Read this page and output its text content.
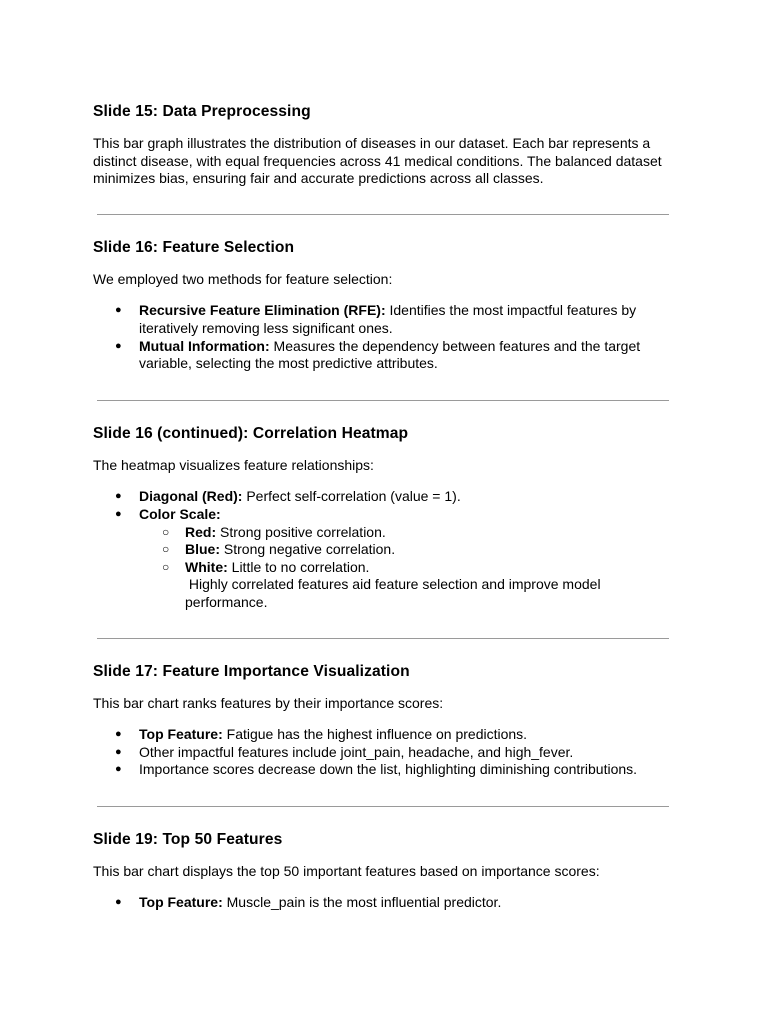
Slide 15: Data Preprocessing

This bar graph illustrates the distribution of diseases in our dataset. Each bar represents a distinct disease, with equal frequencies across 41 medical conditions. The balanced dataset minimizes bias, ensuring fair and accurate predictions across all classes.

Slide 16: Feature Selection

We employed two methods for feature selection:

● Recursive Feature Elimination (RFE): Identifies the most impactful features by iteratively removing less significant ones.
● Mutual Information: Measures the dependency between features and the target variable, selecting the most predictive attributes.
Slide 16 (continued): Correlation Heatmap

The heatmap visualizes feature relationships:

● Diagonal (Red): Perfect self-correlation (value = 1).
● Color Scale:
○ Red: Strong positive correlation.
○ Blue: Strong negative correlation.
○ White: Little to no correlation.
Highly correlated features aid feature selection and improve model performance.
Slide 17: Feature Importance Visualization

This bar chart ranks features by their importance scores:

● Top Feature: Fatigue has the highest influence on predictions.
● Other impactful features include joint_pain, headache, and high_fever.
● Importance scores decrease down the list, highlighting diminishing contributions.
Slide 19: Top 50 Features

This bar chart displays the top 50 important features based on importance scores:

● Top Feature: Muscle_pain is the most influential predictor.
